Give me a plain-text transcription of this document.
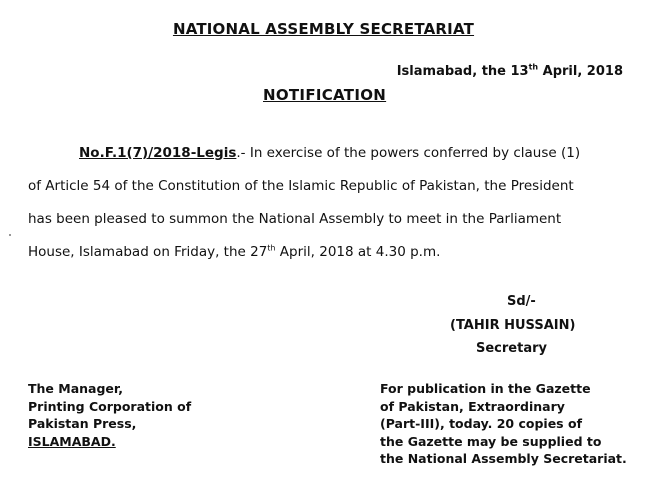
NATIONAL ASSEMBLY SECRETARIAT
Islamabad, the 13th April, 2018
NOTIFICATION
No.F.1(7)/2018-Legis.- In exercise of the powers conferred by clause (1)
of Article 54 of the Constitution of the Islamic Republic of Pakistan, the President
has been pleased to summon the National Assembly to meet in the Parliament
House, Islamabad on Friday, the 27th April, 2018 at 4.30 p.m.
Sd/-
(TAHIR HUSSAIN)
Secretary
The Manager,
Printing Corporation of
Pakistan Press,
ISLAMABAD.
For publication in the Gazette
of Pakistan, Extraordinary
(Part-III), today. 20 copies of
the Gazette may be supplied to
the National Assembly Secretariat.
